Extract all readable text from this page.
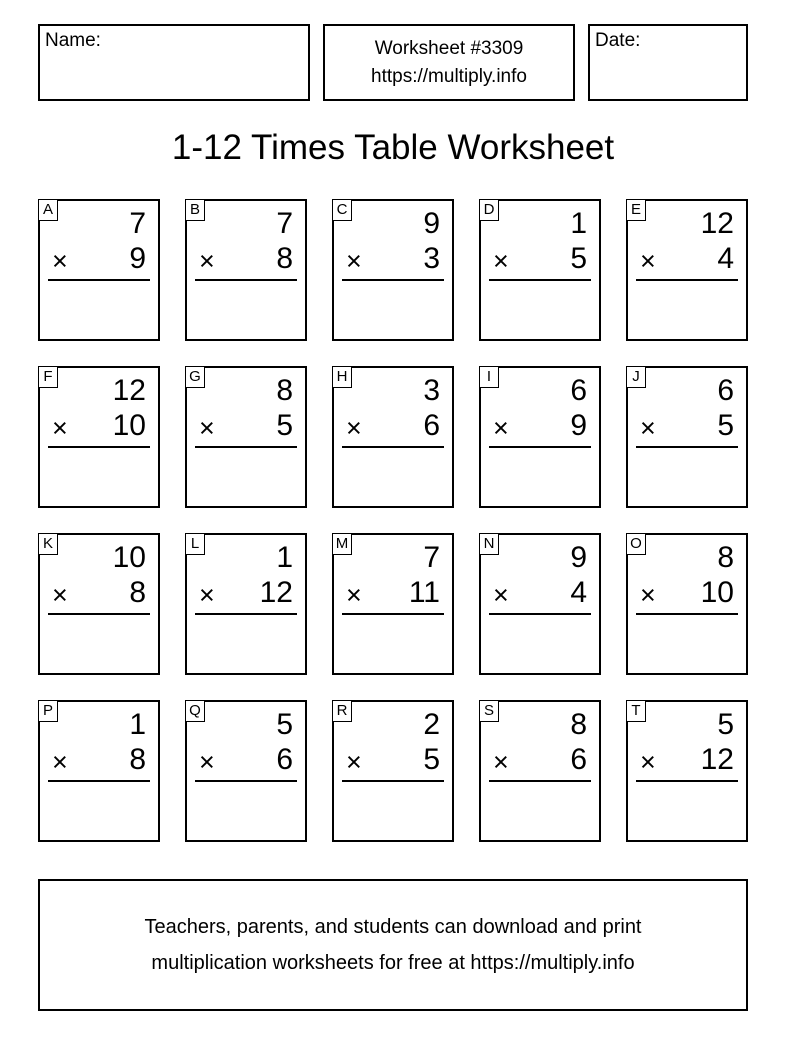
Name:	Worksheet #3309
https://multiply.info
Date:
1-12 Times Table Worksheet
A	7
× 9
B	7
× 8
C	9
× 3
D	1
× 5
E 12
× 4
F 12
× 10
G	8
× 5
H	3
× 6
I	6
× 9
J	6
× 5
K 10
× 8
L	1
× 12
M	7
× 11
N	9
× 4
O	8
× 10
P	1
× 8
Q	5
× 6
R	2
× 5
S	8
× 6
T	5
× 12

Teachers, parents, and students can download and print

multiplication worksheets for free at https://multiply.info
